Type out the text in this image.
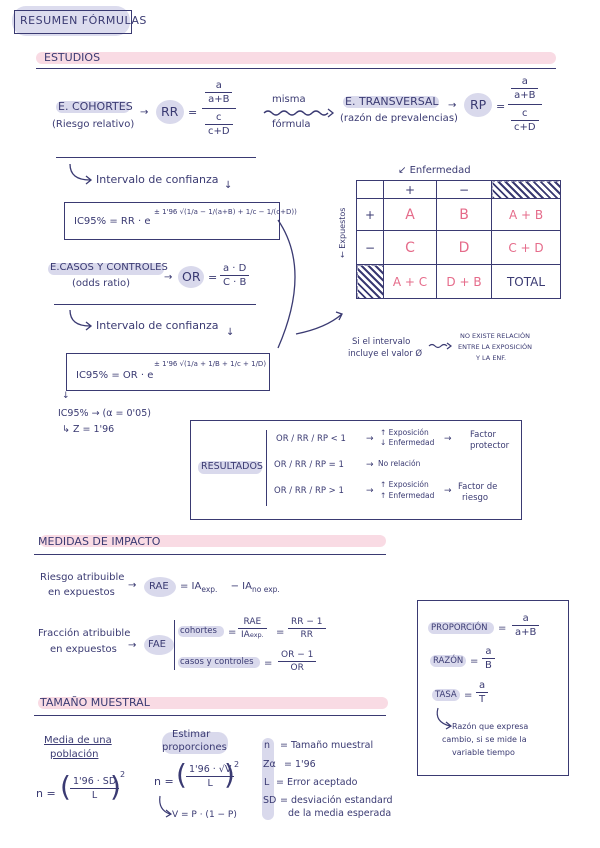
RESUMEN FÓRMULAS
ESTUDIOS
E. COHORTES
(Riesgo relativo)
→ RR = $\frac{\frac{a}{a+B}}{\frac{c}{c+D}}$	misma
fórmula
E. TRANSVERSAL
(razón de prevalencias)
→ RP = $\frac{\frac{a}{a+B}}{\frac{c}{c+D}}$
Intervalo de confianza ↓
IC95% = RR · e
± 1'96 √(1/a − 1/(a+B) + 1/c − 1/(c+D))
E.CASOS Y CONTROLES
(odds ratio)
→ OR = $\frac{a \cdot D}{C \cdot B}$
Intervalo de confianza
↓
IC95% = OR · e
± 1'96 √(1/a + 1/B + 1/c + 1/D)
↓
IC95% → (α = 0'05)
↳ Z = 1'96
Si el intervalo
incluye el valor Ø
NO EXISTE RELACIÓN
ENTRE LA EXPOSICIÓN
Y LA ENF.
↙ Enfermedad
← Expuestos
	+	−	
+	A	B	A + B
−	C	D	C + D
	A + C	D + B	TOTAL
RESULTADOS
OR / RR / RP < 1 →
↑ Exposición
↓ Enfermedad → Factor
protector
OR / RR / RP = 1 → No relación
OR / RR / RP > 1 →
↑ Exposición
↑ Enfermedad → Factor de
riesgo
MEDIDAS DE IMPACTO
Riesgo atribuible
en expuestos
→ RAE = $IA_{exp.} - IA_{no exp.}$
Fracción atribuible
en expuestos → FAE
cohortes = $\frac{\text{RAE}}{IAexp.} = \frac{RR - 1}{RR}$
casos y controles = $\frac{OR - 1}{OR}$
PROPORCIÓN = $\frac{a}{a+B}$
RAZÓN = $\frac{a}{B}$
TASA = $\frac{a}{T}$
Razón que expresa
cambio, si se mide la
variable tiempo
TAMAÑO MUESTRAL
Media de una
población
n = ( $\frac{1'96 \cdot SD}{L}$
) 2
Estimar
proporciones
n = ( $\frac{1'96 \cdot √V}{L}$
) 2
V = P · (1 − P)
n = Tamaño muestral
Zα = 1'96
L = Error aceptado
SD = desviación estandard
de la media esperada
